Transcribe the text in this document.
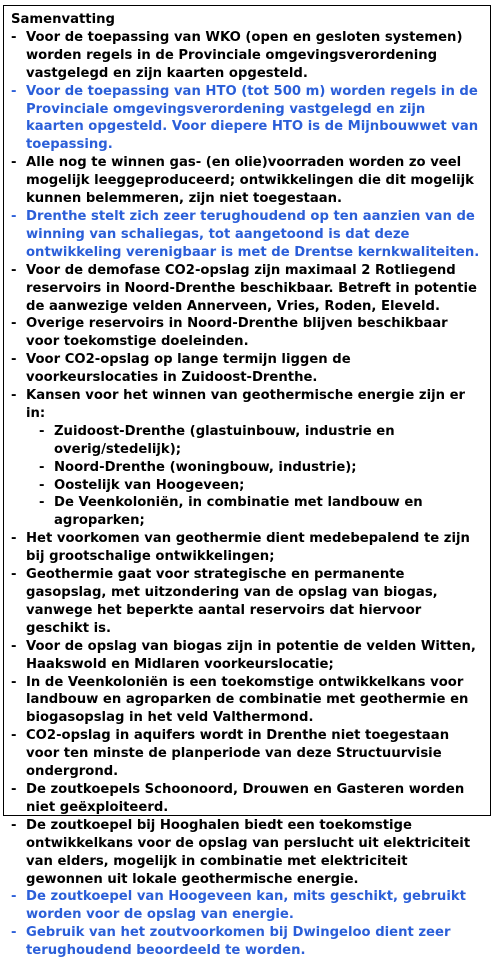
Samenvatting
- Voor de toepassing van WKO (open en gesloten systemen) worden regels in de Provinciale omgevingsverordening vastgelegd en zijn kaarten opgesteld.
- Voor de toepassing van HTO (tot 500 m) worden regels in de Provinciale omgevingsverordening vastgelegd en zijn kaarten opgesteld. Voor diepere HTO is de Mijnbouwwet van toepassing.
- Alle nog te winnen gas- (en olie)voorraden worden zo veel mogelijk leeggeproduceerd; ontwikkelingen die dit mogelijk kunnen belemmeren, zijn niet toegestaan.
- Drenthe stelt zich zeer terughoudend op ten aanzien van de winning van schaliegas, tot aangetoond is dat deze ontwikkeling verenigbaar is met de Drentse kernkwaliteiten.
- Voor de demofase CO2-opslag zijn maximaal 2 Rotliegend reservoirs in Noord-Drenthe beschikbaar. Betreft in potentie de aanwezige velden Annerveen, Vries, Roden, Eleveld.
- Overige reservoirs in Noord-Drenthe blijven beschikbaar voor toekomstige doeleinden.
- Voor CO2-opslag op lange termijn liggen de voorkeurslocaties in Zuidoost-Drenthe.
- Kansen voor het winnen van geothermische energie zijn er in:
- Zuidoost-Drenthe (glastuinbouw, industrie en overig/stedelijk);
- Noord-Drenthe (woningbouw, industrie);
- Oostelijk van Hoogeveen;
- De Veenkoloniën, in combinatie met landbouw en agroparken;
- Het voorkomen van geothermie dient medebepalend te zijn bij grootschalige ontwikkelingen;
- Geothermie gaat voor strategische en permanente gasopslag, met uitzondering van de opslag van biogas, vanwege het beperkte aantal reservoirs dat hiervoor geschikt is.
- Voor de opslag van biogas zijn in potentie de velden Witten, Haakswold en Midlaren voorkeurslocatie;
- In de Veenkoloniën is een toekomstige ontwikkelkans voor landbouw en agroparken de combinatie met geothermie en biogasopslag in het veld Valthermond.
- CO2-opslag in aquifers wordt in Drenthe niet toegestaan voor ten minste de planperiode van deze Structuurvisie ondergrond.
- De zoutkoepels Schoonoord, Drouwen en Gasteren worden niet geëxploiteerd.
- De zoutkoepel bij Hooghalen biedt een toekomstige ontwikkelkans voor de opslag van perslucht uit elektriciteit van elders, mogelijk in combinatie met elektriciteit gewonnen uit lokale geothermische energie.
- De zoutkoepel van Hoogeveen kan, mits geschikt, gebruikt worden voor de opslag van energie.
- Gebruik van het zoutvoorkomen bij Dwingeloo dient zeer terughoudend beoordeeld te worden.
